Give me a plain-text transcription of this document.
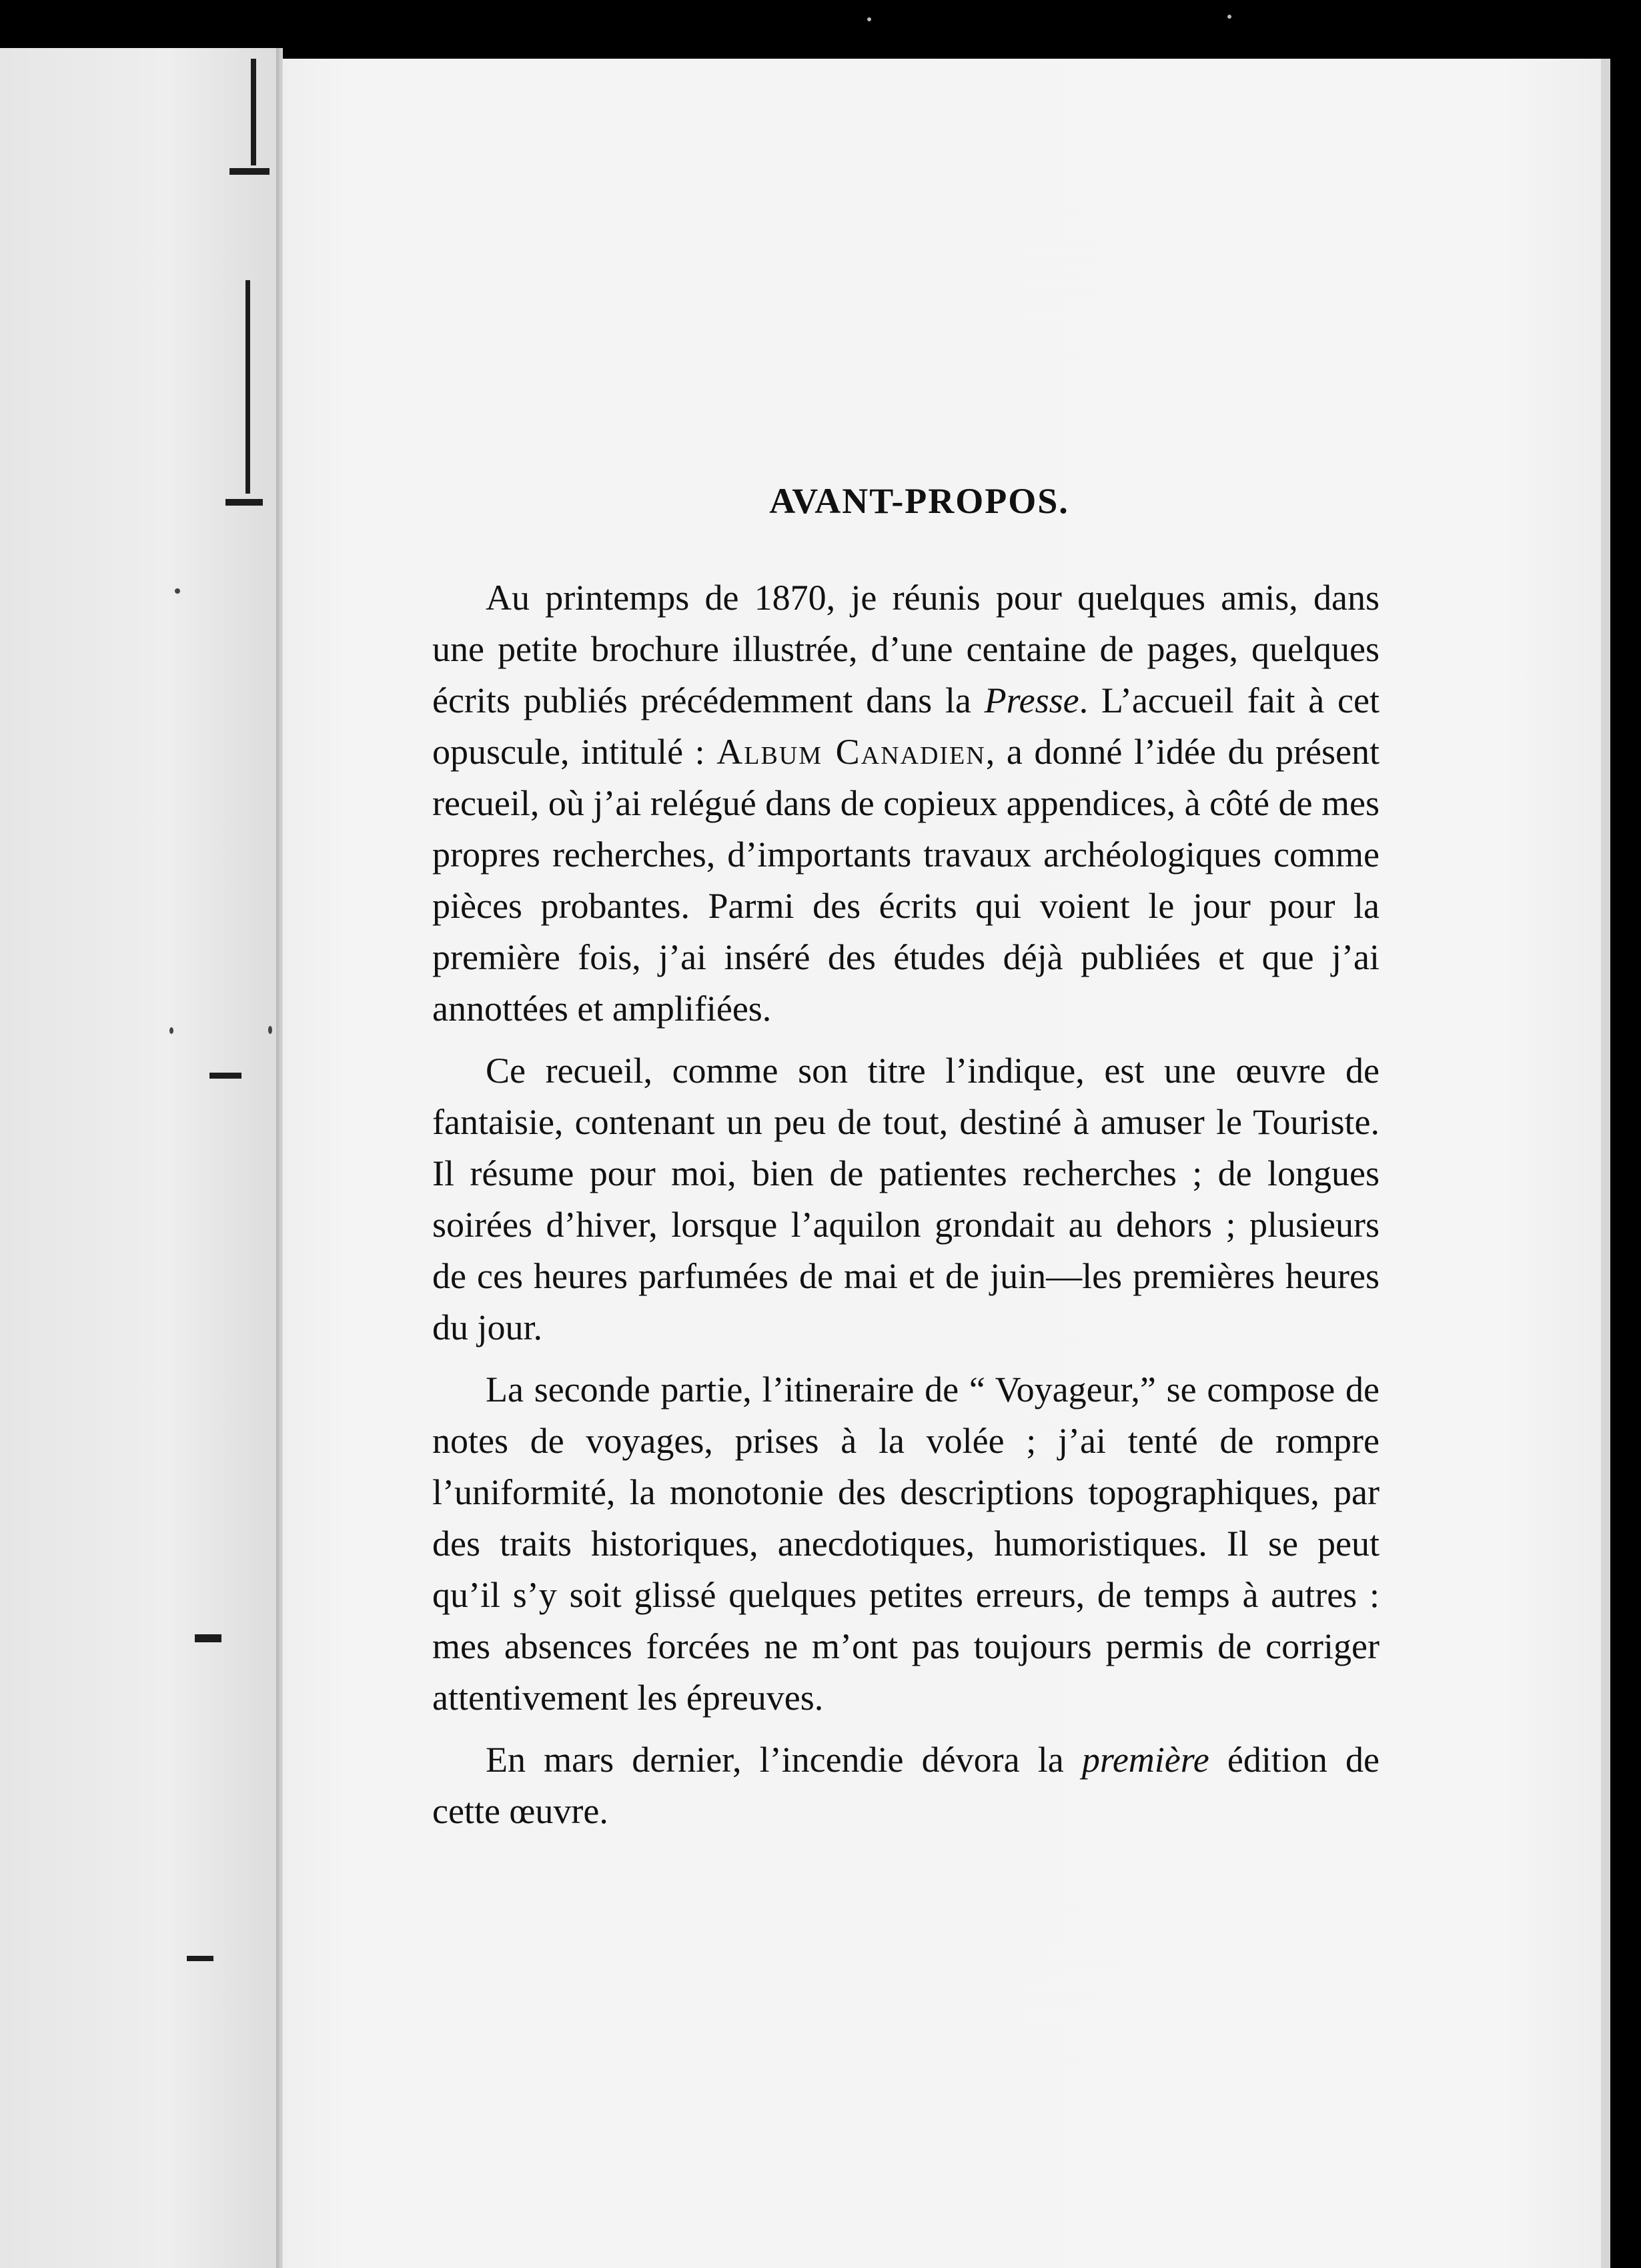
AVANT-PROPOS.

Au printemps de 1870, je réunis pour quelques amis, dans une petite brochure illustrée, d’une centaine de pages, quelques écrits publiés précédemment dans la Presse. L’accueil fait à cet opuscule, intitulé : Album Canadien, a donné l’idée du présent recueil, où j’ai relégué dans de copieux appendices, à côté de mes propres recherches, d’importants travaux archéologiques comme pièces probantes. Parmi des écrits qui voient le jour pour la première fois, j’ai inséré des études déjà publiées et que j’ai annottées et amplifiées.

Ce recueil, comme son titre l’indique, est une œuvre de fantaisie, contenant un peu de tout, destiné à amuser le Touriste. Il résume pour moi, bien de patientes recherches ; de longues soirées d’hiver, lorsque l’aquilon grondait au dehors ; plusieurs de ces heures parfumées de mai et de juin—les premières heures du jour.

La seconde partie, l’itineraire de “ Voyageur,” se compose de notes de voyages, prises à la volée ; j’ai tenté de rompre l’uniformité, la monotonie des descriptions topographiques, par des traits historiques, anecdotiques, humoristiques. Il se peut qu’il s’y soit glissé quelques petites erreurs, de temps à autres : mes absences forcées ne m’ont pas toujours permis de corriger attentivement les épreuves.

En mars dernier, l’incendie dévora la première édition de cette œuvre.
